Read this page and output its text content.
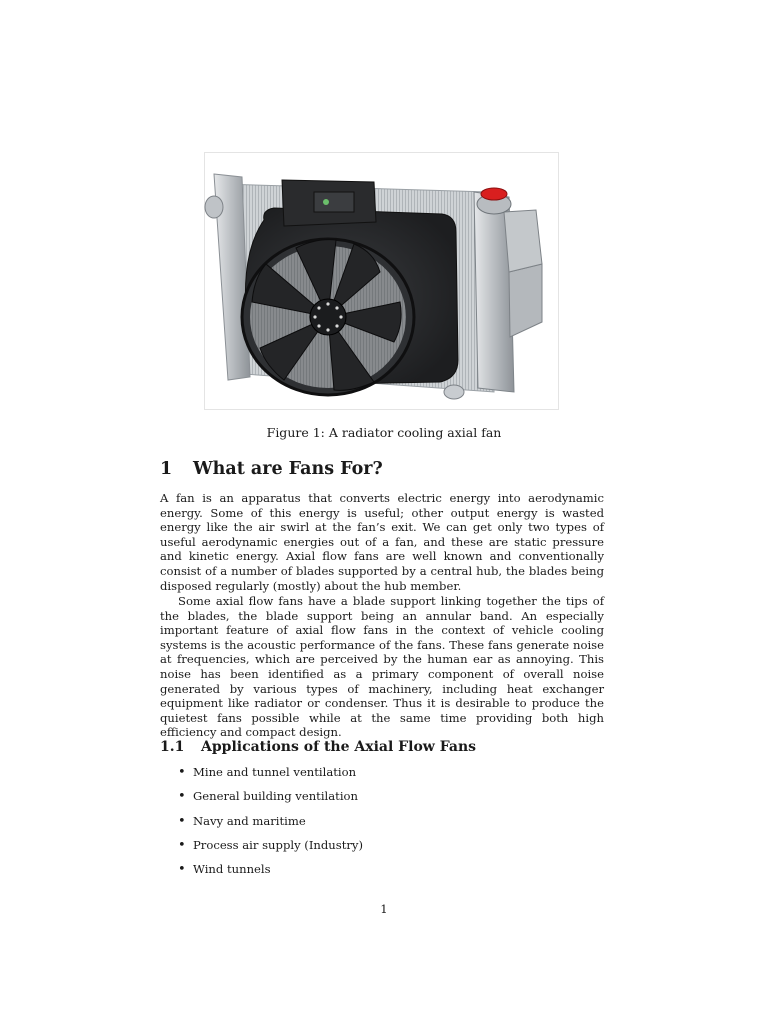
Figure 1: A radiator cooling axial fan
1 What are Fans For?
A fan is an apparatus that converts electric energy into aerodynamic energy. Some of this energy is useful; other output energy is wasted energy like the air swirl at the fan’s exit. We can get only two types of useful aerodynamic energies out of a fan, and these are static pressure and kinetic energy. Axial flow fans are well known and conventionally consist of a number of blades supported by a central hub, the blades being disposed regularly (mostly) about the hub member.
Some axial flow fans have a blade support linking together the tips of the blades, the blade support being an annular band. An especially important feature of axial flow fans in the context of vehicle cooling systems is the acoustic performance of the fans. These fans generate noise at frequencies, which are perceived by the human ear as annoying. This noise has been identified as a primary component of overall noise generated by various types of machinery, including heat exchanger equipment like radiator or condenser. Thus it is desirable to produce the quietest fans possible while at the same time providing both high efficiency and compact design.
1.1 Applications of the Axial Flow Fans
• Mine and tunnel ventilation
• General building ventilation
• Navy and maritime
• Process air supply (Industry)
• Wind tunnels
1
